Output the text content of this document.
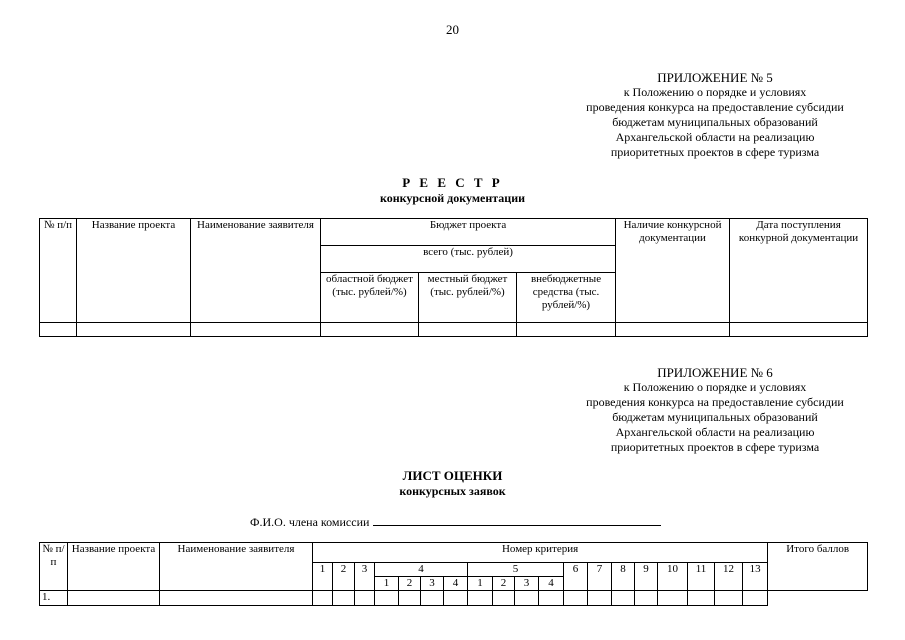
20
ПРИЛОЖЕНИЕ № 5
к Положению о порядке и условиях
проведения конкурса на предоставление субсидии
бюджетам муниципальных образований
Архангельской области на реализацию
приоритетных проектов в сфере туризма
Р Е Е С Т Р
конкурсной документации
№ п/п	Название проекта	Наименование заявителя	Бюджет проекта			Наличие конкурсной документации	Дата поступления конкурной документации
			всего (тыс. рублей)				
			областной бюджет (тыс. рублей/%)	местный бюджет (тыс. рублей/%)	внебюджетные средства (тыс. рублей/%)		

ПРИЛОЖЕНИЕ № 6
к Положению о порядке и условиях
проведения конкурса на предоставление субсидии
бюджетам муниципальных образований
Архангельской области на реализацию
приоритетных проектов в сфере туризма
ЛИСТ ОЦЕНКИ
конкурсных заявок
Ф.И.О. члена комиссии
№ п/п	Название проекта	Наименование заявителя	Номер критерия																			Итого баллов
			1	2	3	4				5				6	7	8	9	10	11	12	13	
						1	2	3	4	1	2	3	4									
1.																						
